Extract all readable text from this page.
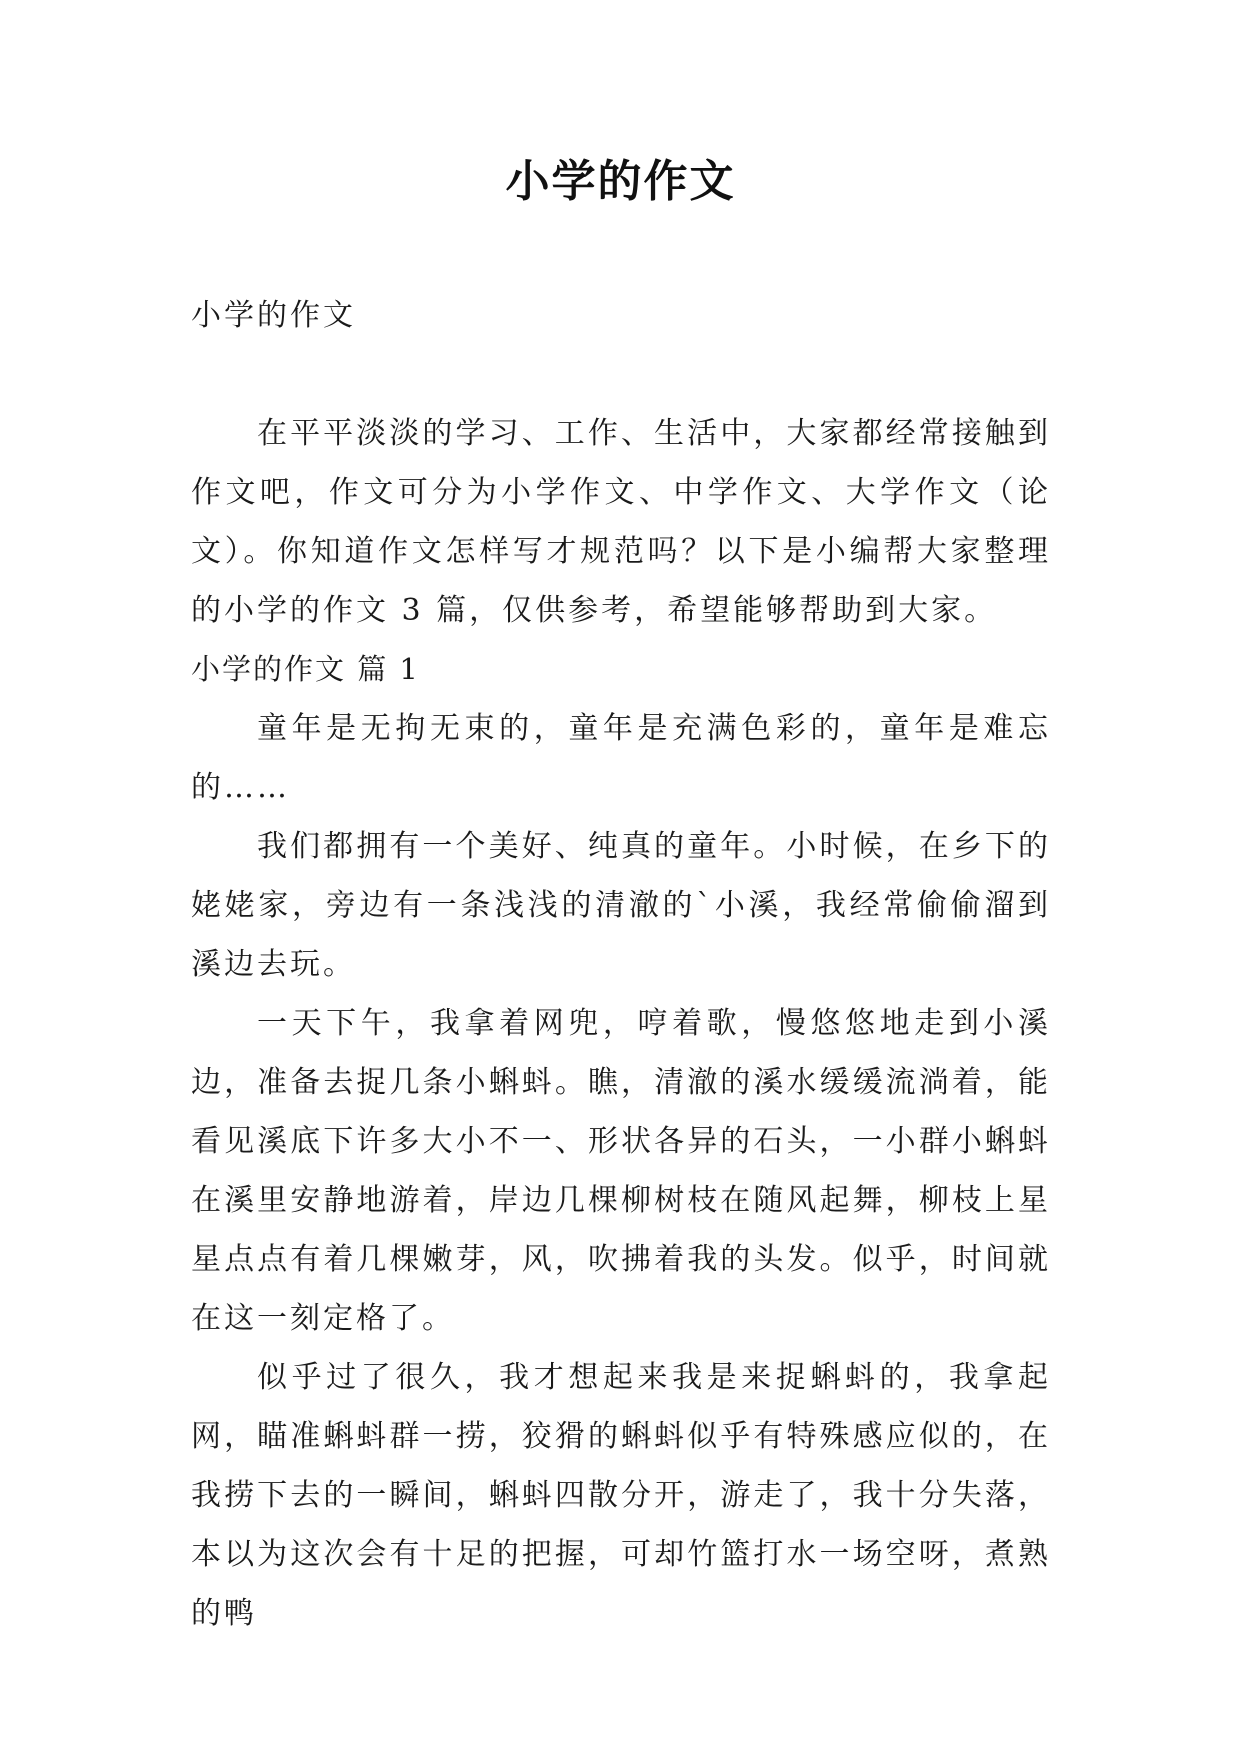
小学的作文

小学的作文

在平平淡淡的学习、工作、生活中，大家都经常接触到作文吧，作文可分为小学作文、中学作文、大学作文（论文）。你知道作文怎样写才规范吗？以下是小编帮大家整理的小学的作文 3 篇，仅供参考，希望能够帮助到大家。

小学的作文 篇 1

童年是无拘无束的，童年是充满色彩的，童年是难忘的……

我们都拥有一个美好、纯真的童年。小时候，在乡下的姥姥家，旁边有一条浅浅的清澈的`小溪，我经常偷偷溜到溪边去玩。

一天下午，我拿着网兜，哼着歌，慢悠悠地走到小溪边，准备去捉几条小蝌蚪。瞧，清澈的溪水缓缓流淌着，能看见溪底下许多大小不一、形状各异的石头，一小群小蝌蚪在溪里安静地游着，岸边几棵柳树枝在随风起舞，柳枝上星星点点有着几棵嫩芽，风，吹拂着我的头发。似乎，时间就在这一刻定格了。

似乎过了很久，我才想起来我是来捉蝌蚪的，我拿起网，瞄准蝌蚪群一捞，狡猾的蝌蚪似乎有特殊感应似的，在我捞下去的一瞬间，蝌蚪四散分开，游走了，我十分失落，本以为这次会有十足的把握，可却竹篮打水一场空呀，煮熟的鸭
